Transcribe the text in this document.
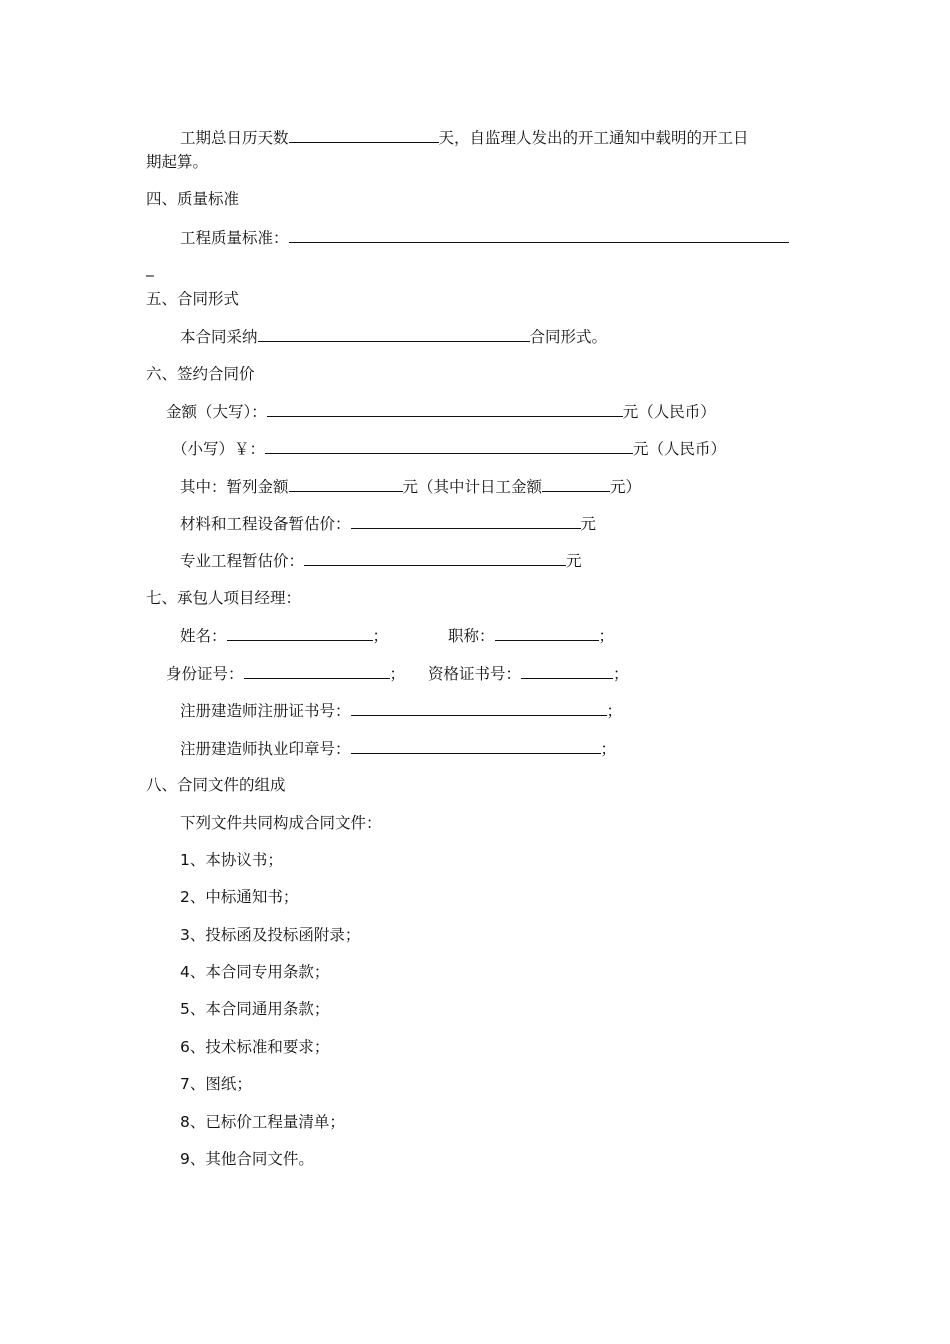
工期总日历天数	天，自监理人发出的开工通知中载明的开工日
期起算。
四、质量标准
工程质量标准：
_
五、合同形式
本合同采纳	合同形式。
六、签约合同价
金额（大写）：	元（人民币）
（小写）￥：	元（人民币）
其中：暂列金额	元（其中计日工金额	元）
材料和工程设备暂估价：	元
专业工程暂估价：	元
七、承包人项目经理：
姓名：	；	职称：	；
身份证号：	； 资格证书号：	；
注册建造师注册证书号：	；
注册建造师执业印章号：	；
八、合同文件的组成
下列文件共同构成合同文件：
1、本协议书；
2、中标通知书；
3、投标函及投标函附录；
4、本合同专用条款；
5、本合同通用条款；
6、技术标准和要求；
7、图纸；
8、已标价工程量清单；
9、其他合同文件。
